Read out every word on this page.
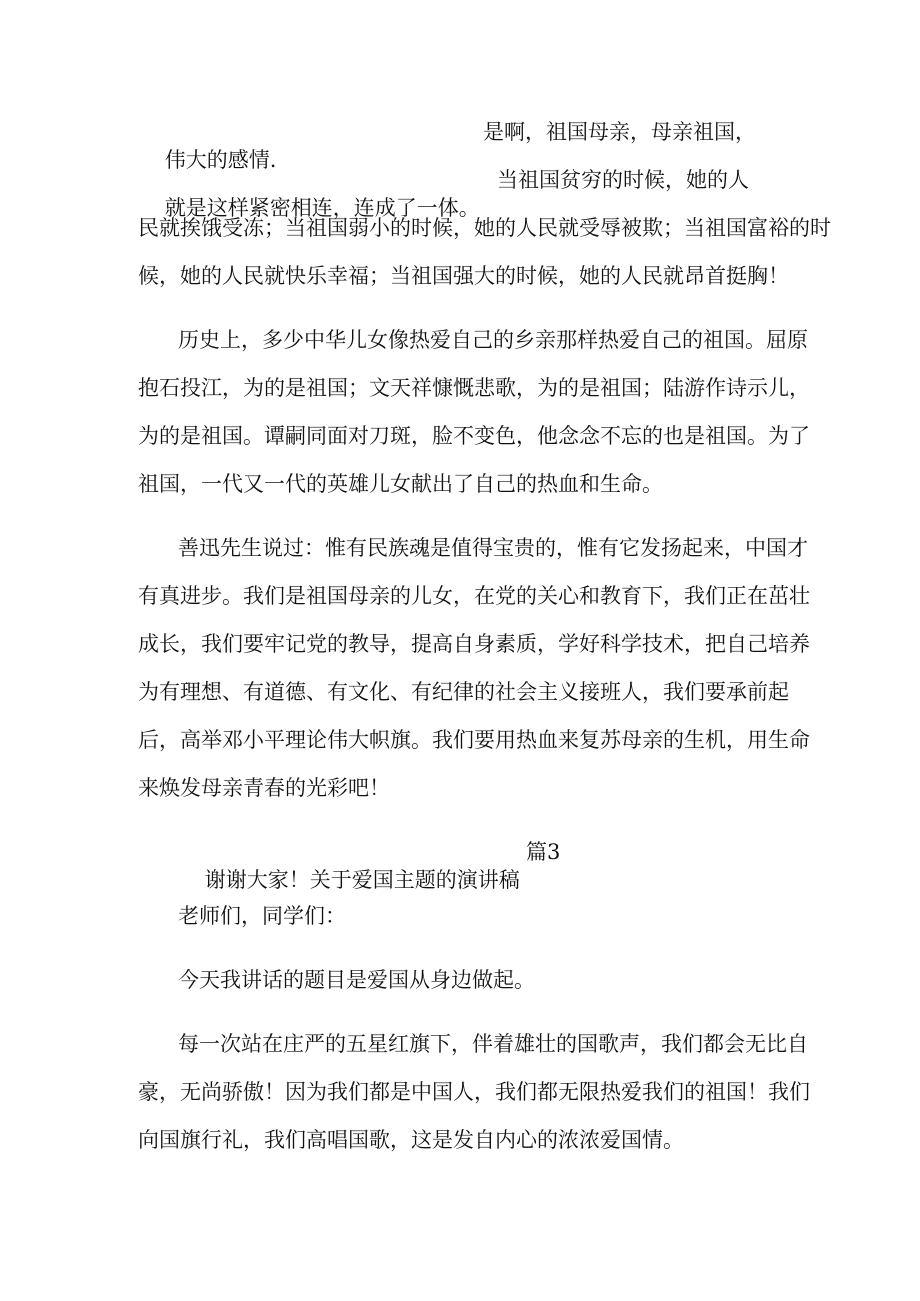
伟大的感情.
是啊，祖国母亲，母亲祖国，

就是这样紧密相连，连成了一体。
当祖国贫穷的时候，她的人

民就挨饿受冻；当祖国弱小的时候，她的人民就受辱被欺；当祖国富裕的时
候，她的人民就快乐幸福；当祖国强大的时候，她的人民就昂首挺胸！
历史上，多少中华儿女像热爱自己的乡亲那样热爱自己的祖国。屈原
抱石投江，为的是祖国；文天祥慷慨悲歌，为的是祖国；陆游作诗示儿，
为的是祖国。谭嗣同面对刀斑，脸不变色，他念念不忘的也是祖国。为了
祖国，一代又一代的英雄儿女献出了自己的热血和生命。
善迅先生说过：惟有民族魂是值得宝贵的，惟有它发扬起来，中国才
有真进步。我们是祖国母亲的儿女，在党的关心和教育下，我们正在茁壮
成长，我们要牢记党的教导，提高自身素质，学好科学技术，把自己培养
为有理想、有道德、有文化、有纪律的社会主义接班人，我们要承前起
后，高举邓小平理论伟大帜旗。我们要用热血来复苏母亲的生机，用生命
来焕发母亲青春的光彩吧！

谢谢大家！关于爱国主题的演讲稿
篇3

老师们，同学们：
今天我讲话的题目是爱国从身边做起。
每一次站在庄严的五星红旗下，伴着雄壮的国歌声，我们都会无比自
豪，无尚骄傲！因为我们都是中国人，我们都无限热爱我们的祖国！我们
向国旗行礼，我们高唱国歌，这是发自内心的浓浓爱国情。
